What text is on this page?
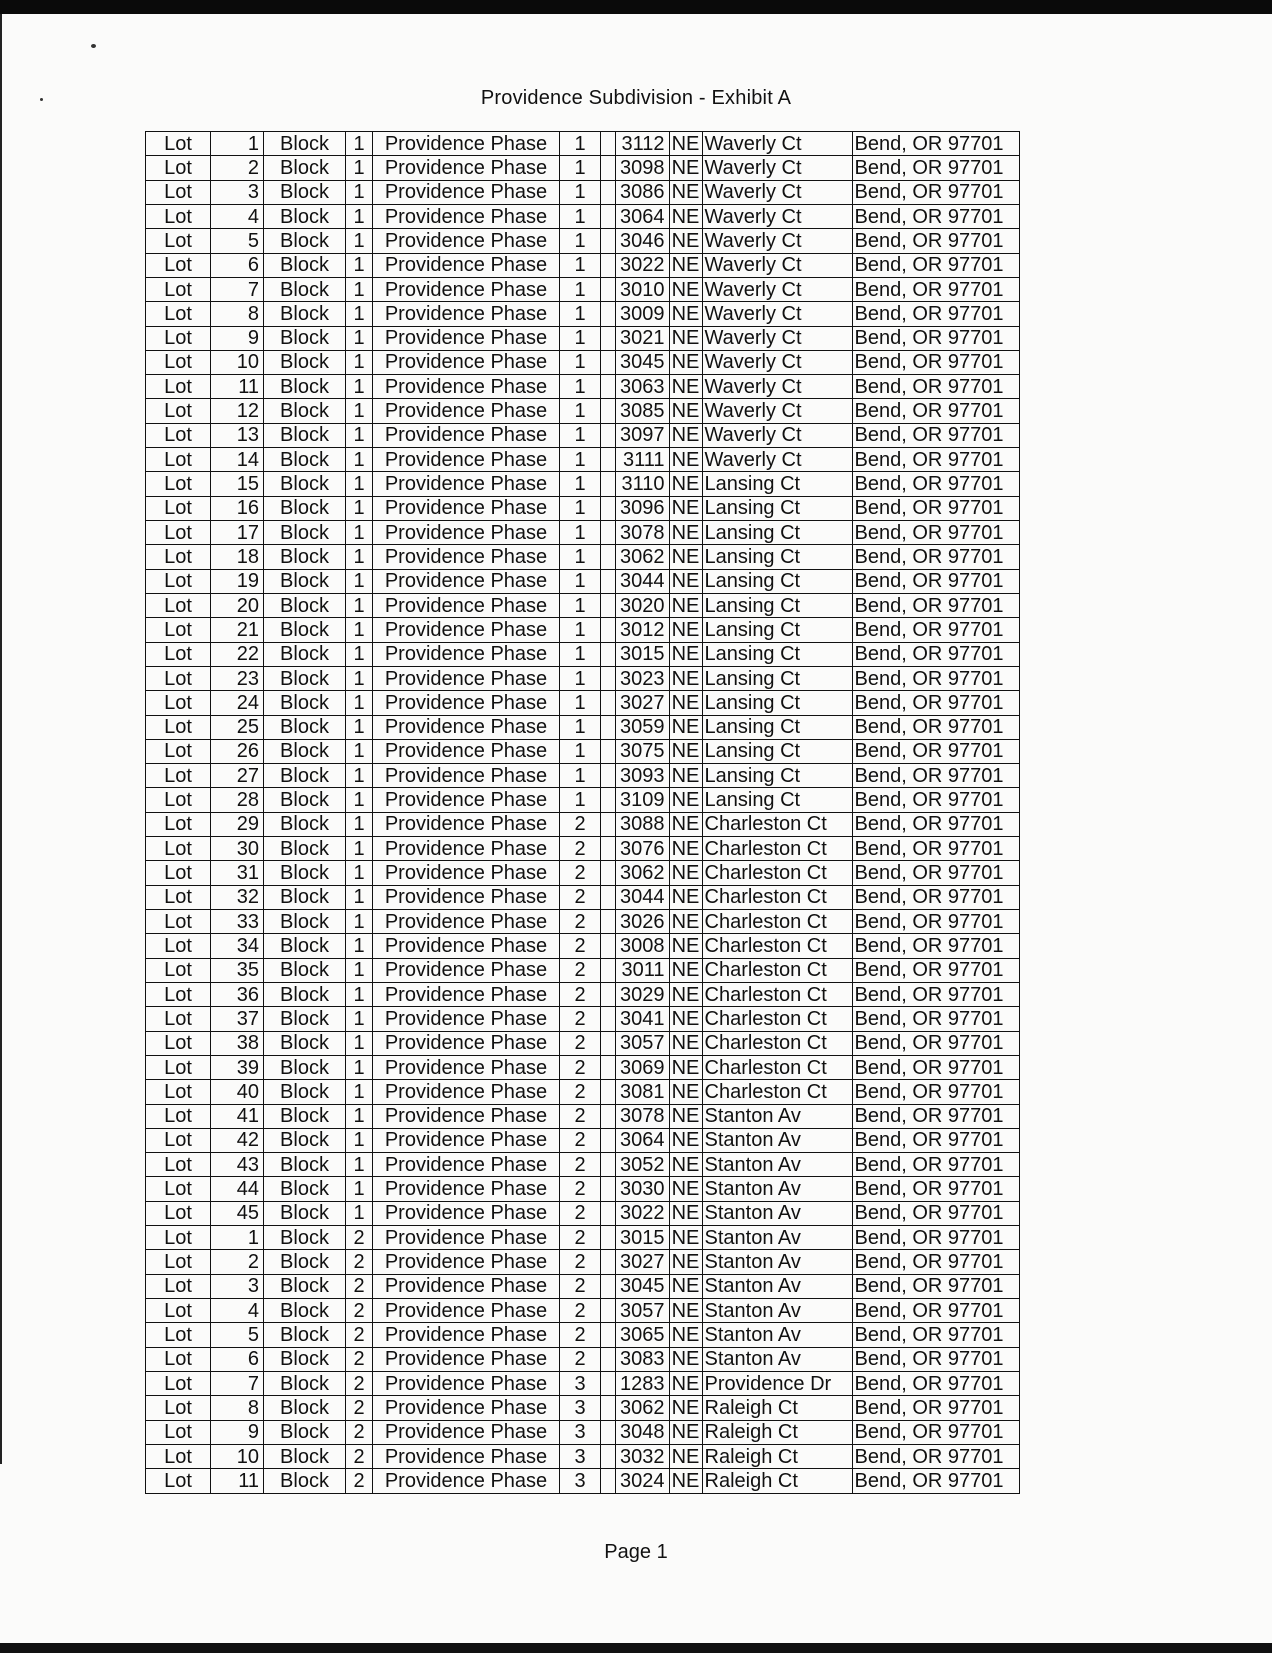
Providence Subdivision - Exhibit A
Lot	1	Block	1	Providence Phase	1		3112	NE	Waverly Ct	Bend, OR 97701
Lot	2	Block	1	Providence Phase	1		3098	NE	Waverly Ct	Bend, OR 97701
Lot	3	Block	1	Providence Phase	1		3086	NE	Waverly Ct	Bend, OR 97701
Lot	4	Block	1	Providence Phase	1		3064	NE	Waverly Ct	Bend, OR 97701
Lot	5	Block	1	Providence Phase	1		3046	NE	Waverly Ct	Bend, OR 97701
Lot	6	Block	1	Providence Phase	1		3022	NE	Waverly Ct	Bend, OR 97701
Lot	7	Block	1	Providence Phase	1		3010	NE	Waverly Ct	Bend, OR 97701
Lot	8	Block	1	Providence Phase	1		3009	NE	Waverly Ct	Bend, OR 97701
Lot	9	Block	1	Providence Phase	1		3021	NE	Waverly Ct	Bend, OR 97701
Lot	10	Block	1	Providence Phase	1		3045	NE	Waverly Ct	Bend, OR 97701
Lot	11	Block	1	Providence Phase	1		3063	NE	Waverly Ct	Bend, OR 97701
Lot	12	Block	1	Providence Phase	1		3085	NE	Waverly Ct	Bend, OR 97701
Lot	13	Block	1	Providence Phase	1		3097	NE	Waverly Ct	Bend, OR 97701
Lot	14	Block	1	Providence Phase	1		3111	NE	Waverly Ct	Bend, OR 97701
Lot	15	Block	1	Providence Phase	1		3110	NE	Lansing Ct	Bend, OR 97701
Lot	16	Block	1	Providence Phase	1		3096	NE	Lansing Ct	Bend, OR 97701
Lot	17	Block	1	Providence Phase	1		3078	NE	Lansing Ct	Bend, OR 97701
Lot	18	Block	1	Providence Phase	1		3062	NE	Lansing Ct	Bend, OR 97701
Lot	19	Block	1	Providence Phase	1		3044	NE	Lansing Ct	Bend, OR 97701
Lot	20	Block	1	Providence Phase	1		3020	NE	Lansing Ct	Bend, OR 97701
Lot	21	Block	1	Providence Phase	1		3012	NE	Lansing Ct	Bend, OR 97701
Lot	22	Block	1	Providence Phase	1		3015	NE	Lansing Ct	Bend, OR 97701
Lot	23	Block	1	Providence Phase	1		3023	NE	Lansing Ct	Bend, OR 97701
Lot	24	Block	1	Providence Phase	1		3027	NE	Lansing Ct	Bend, OR 97701
Lot	25	Block	1	Providence Phase	1		3059	NE	Lansing Ct	Bend, OR 97701
Lot	26	Block	1	Providence Phase	1		3075	NE	Lansing Ct	Bend, OR 97701
Lot	27	Block	1	Providence Phase	1		3093	NE	Lansing Ct	Bend, OR 97701
Lot	28	Block	1	Providence Phase	1		3109	NE	Lansing Ct	Bend, OR 97701
Lot	29	Block	1	Providence Phase	2		3088	NE	Charleston Ct	Bend, OR 97701
Lot	30	Block	1	Providence Phase	2		3076	NE	Charleston Ct	Bend, OR 97701
Lot	31	Block	1	Providence Phase	2		3062	NE	Charleston Ct	Bend, OR 97701
Lot	32	Block	1	Providence Phase	2		3044	NE	Charleston Ct	Bend, OR 97701
Lot	33	Block	1	Providence Phase	2		3026	NE	Charleston Ct	Bend, OR 97701
Lot	34	Block	1	Providence Phase	2		3008	NE	Charleston Ct	Bend, OR 97701
Lot	35	Block	1	Providence Phase	2		3011	NE	Charleston Ct	Bend, OR 97701
Lot	36	Block	1	Providence Phase	2		3029	NE	Charleston Ct	Bend, OR 97701
Lot	37	Block	1	Providence Phase	2		3041	NE	Charleston Ct	Bend, OR 97701
Lot	38	Block	1	Providence Phase	2		3057	NE	Charleston Ct	Bend, OR 97701
Lot	39	Block	1	Providence Phase	2		3069	NE	Charleston Ct	Bend, OR 97701
Lot	40	Block	1	Providence Phase	2		3081	NE	Charleston Ct	Bend, OR 97701
Lot	41	Block	1	Providence Phase	2		3078	NE	Stanton Av	Bend, OR 97701
Lot	42	Block	1	Providence Phase	2		3064	NE	Stanton Av	Bend, OR 97701
Lot	43	Block	1	Providence Phase	2		3052	NE	Stanton Av	Bend, OR 97701
Lot	44	Block	1	Providence Phase	2		3030	NE	Stanton Av	Bend, OR 97701
Lot	45	Block	1	Providence Phase	2		3022	NE	Stanton Av	Bend, OR 97701
Lot	1	Block	2	Providence Phase	2		3015	NE	Stanton Av	Bend, OR 97701
Lot	2	Block	2	Providence Phase	2		3027	NE	Stanton Av	Bend, OR 97701
Lot	3	Block	2	Providence Phase	2		3045	NE	Stanton Av	Bend, OR 97701
Lot	4	Block	2	Providence Phase	2		3057	NE	Stanton Av	Bend, OR 97701
Lot	5	Block	2	Providence Phase	2		3065	NE	Stanton Av	Bend, OR 97701
Lot	6	Block	2	Providence Phase	2		3083	NE	Stanton Av	Bend, OR 97701
Lot	7	Block	2	Providence Phase	3		1283	NE	Providence Dr	Bend, OR 97701
Lot	8	Block	2	Providence Phase	3		3062	NE	Raleigh Ct	Bend, OR 97701
Lot	9	Block	2	Providence Phase	3		3048	NE	Raleigh Ct	Bend, OR 97701
Lot	10	Block	2	Providence Phase	3		3032	NE	Raleigh Ct	Bend, OR 97701
Lot	11	Block	2	Providence Phase	3		3024	NE	Raleigh Ct	Bend, OR 97701
Page 1
